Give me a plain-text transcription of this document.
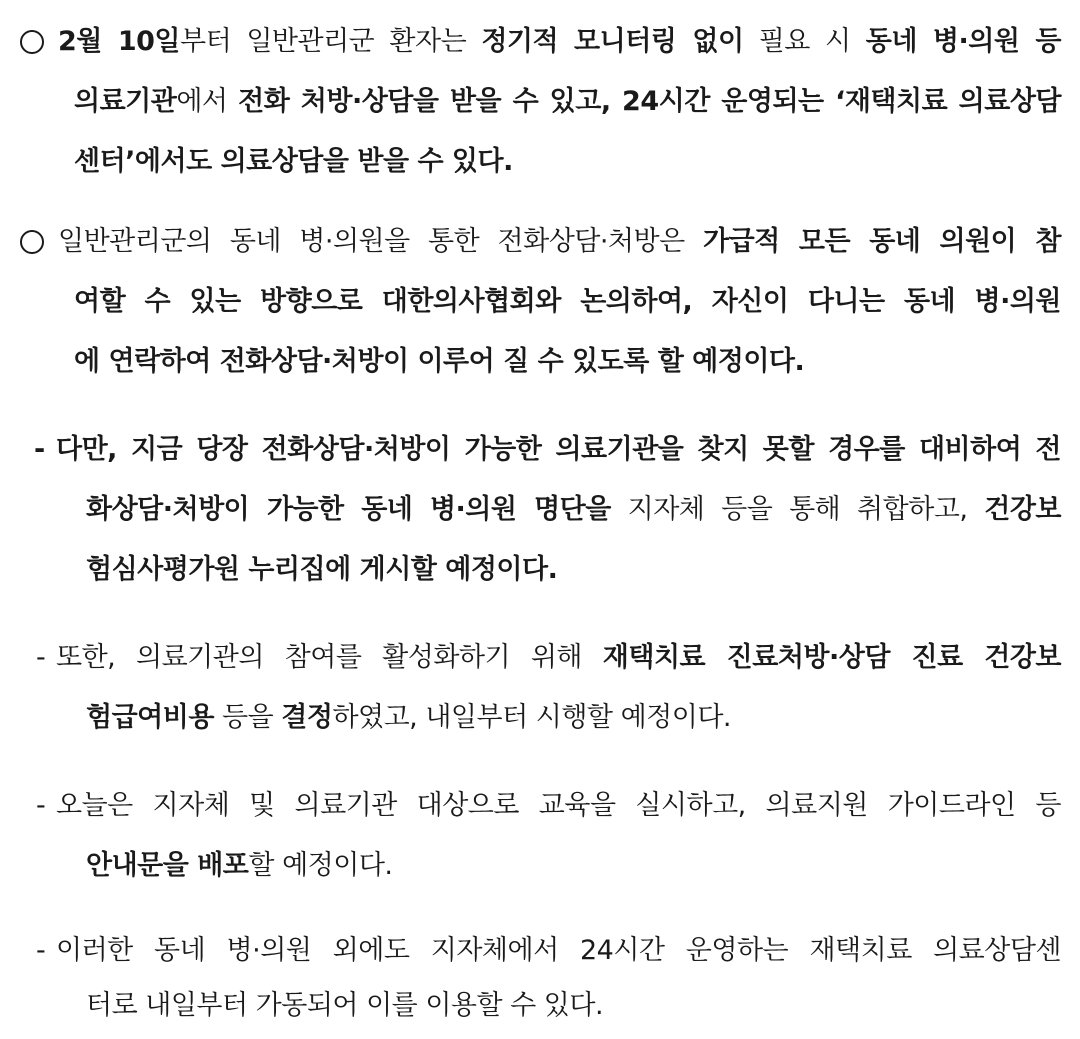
2월 10일부터 일반관리군 환자는 정기적 모니터링 없이 필요 시 동네 병·의원 등
의료기관에서 전화 처방·상담을 받을 수 있고, 24시간 운영되는 ‘재택치료 의료상담
센터’에서도 의료상담을 받을 수 있다.
일반관리군의 동네 병·의원을 통한 전화상담·처방은 가급적 모든 동네 의원이 참
여할 수 있는 방향으로 대한의사협회와 논의하여, 자신이 다니는 동네 병·의원
에 연락하여 전화상담·처방이 이루어 질 수 있도록 할 예정이다.
- 다만, 지금 당장 전화상담·처방이 가능한 의료기관을 찾지 못할 경우를 대비하여 전
화상담·처방이 가능한 동네 병·의원 명단을 지자체 등을 통해 취합하고, 건강보
험심사평가원 누리집에 게시할 예정이다.
- 또한, 의료기관의 참여를 활성화하기 위해 재택치료 진료처방·상담 진료 건강보
험급여비용 등을 결정하였고, 내일부터 시행할 예정이다.
- 오늘은 지자체 및 의료기관 대상으로 교육을 실시하고, 의료지원 가이드라인 등
안내문을 배포할 예정이다.
- 이러한 동네 병·의원 외에도 지자체에서 24시간 운영하는 재택치료 의료상담센
터로 내일부터 가동되어 이를 이용할 수 있다.
